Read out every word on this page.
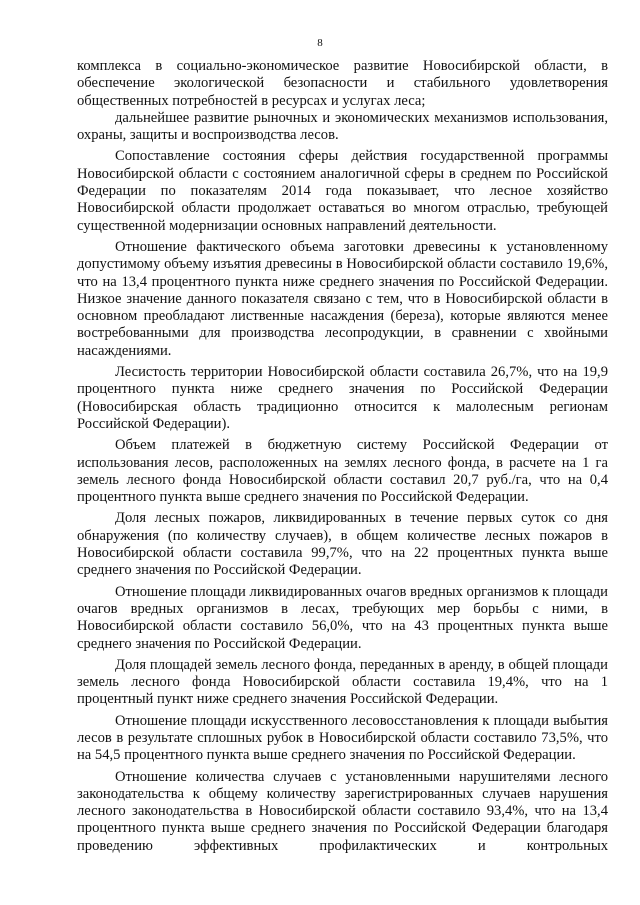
8

комплекса в социально-экономическое развитие Новосибирской области, в обеспечение экологической безопасности и стабильного удовлетворения общественных потребностей в ресурсах и услугах леса;

дальнейшее развитие рыночных и экономических механизмов использования, охраны, защиты и воспроизводства лесов.

Сопоставление состояния сферы действия государственной программы Новосибирской области с состоянием аналогичной сферы в среднем по Российской Федерации по показателям 2014 года показывает, что лесное хозяйство Новосибирской области продолжает оставаться во многом отраслью, требующей существенной модернизации основных направлений деятельности.

Отношение фактического объема заготовки древесины к установленному допустимому объему изъятия древесины в Новосибирской области составило 19,6%, что на 13,4 процентного пункта ниже среднего значения по Российской Федерации. Низкое значение данного показателя связано с тем, что в Новосибирской области в основном преобладают лиственные насаждения (береза), которые являются менее востребованными для производства лесопродукции, в сравнении с хвойными насаждениями.

Лесистость территории Новосибирской области составила 26,7%, что на 19,9 процентного пункта ниже среднего значения по Российской Федерации (Новосибирская область традиционно относится к малолесным регионам Российской Федерации).

Объем платежей в бюджетную систему Российской Федерации от использования лесов, расположенных на землях лесного фонда, в расчете на 1 га земель лесного фонда Новосибирской области составил 20,7 руб./га, что на 0,4 процентного пункта выше среднего значения по Российской Федерации.

Доля лесных пожаров, ликвидированных в течение первых суток со дня обнаружения (по количеству случаев), в общем количестве лесных пожаров в Новосибирской области составила 99,7%, что на 22 процентных пункта выше среднего значения по Российской Федерации.

Отношение площади ликвидированных очагов вредных организмов к площади очагов вредных организмов в лесах, требующих мер борьбы с ними, в Новосибирской области составило 56,0%, что на 43 процентных пункта выше среднего значения по Российской Федерации.

Доля площадей земель лесного фонда, переданных в аренду, в общей площади земель лесного фонда Новосибирской области составила 19,4%, что на 1 процентный пункт ниже среднего значения Российской Федерации.

Отношение площади искусственного лесовосстановления к площади выбытия лесов в результате сплошных рубок в Новосибирской области составило 73,5%, что на 54,5 процентного пункта выше среднего значения по Российской Федерации.

Отношение количества случаев с установленными нарушителями лесного законодательства к общему количеству зарегистрированных случаев нарушения лесного законодательства в Новосибирской области составило 93,4%, что на 13,4 процентного пункта выше среднего значения по Российской Федерации благодаря проведению эффективных профилактических и контрольных
